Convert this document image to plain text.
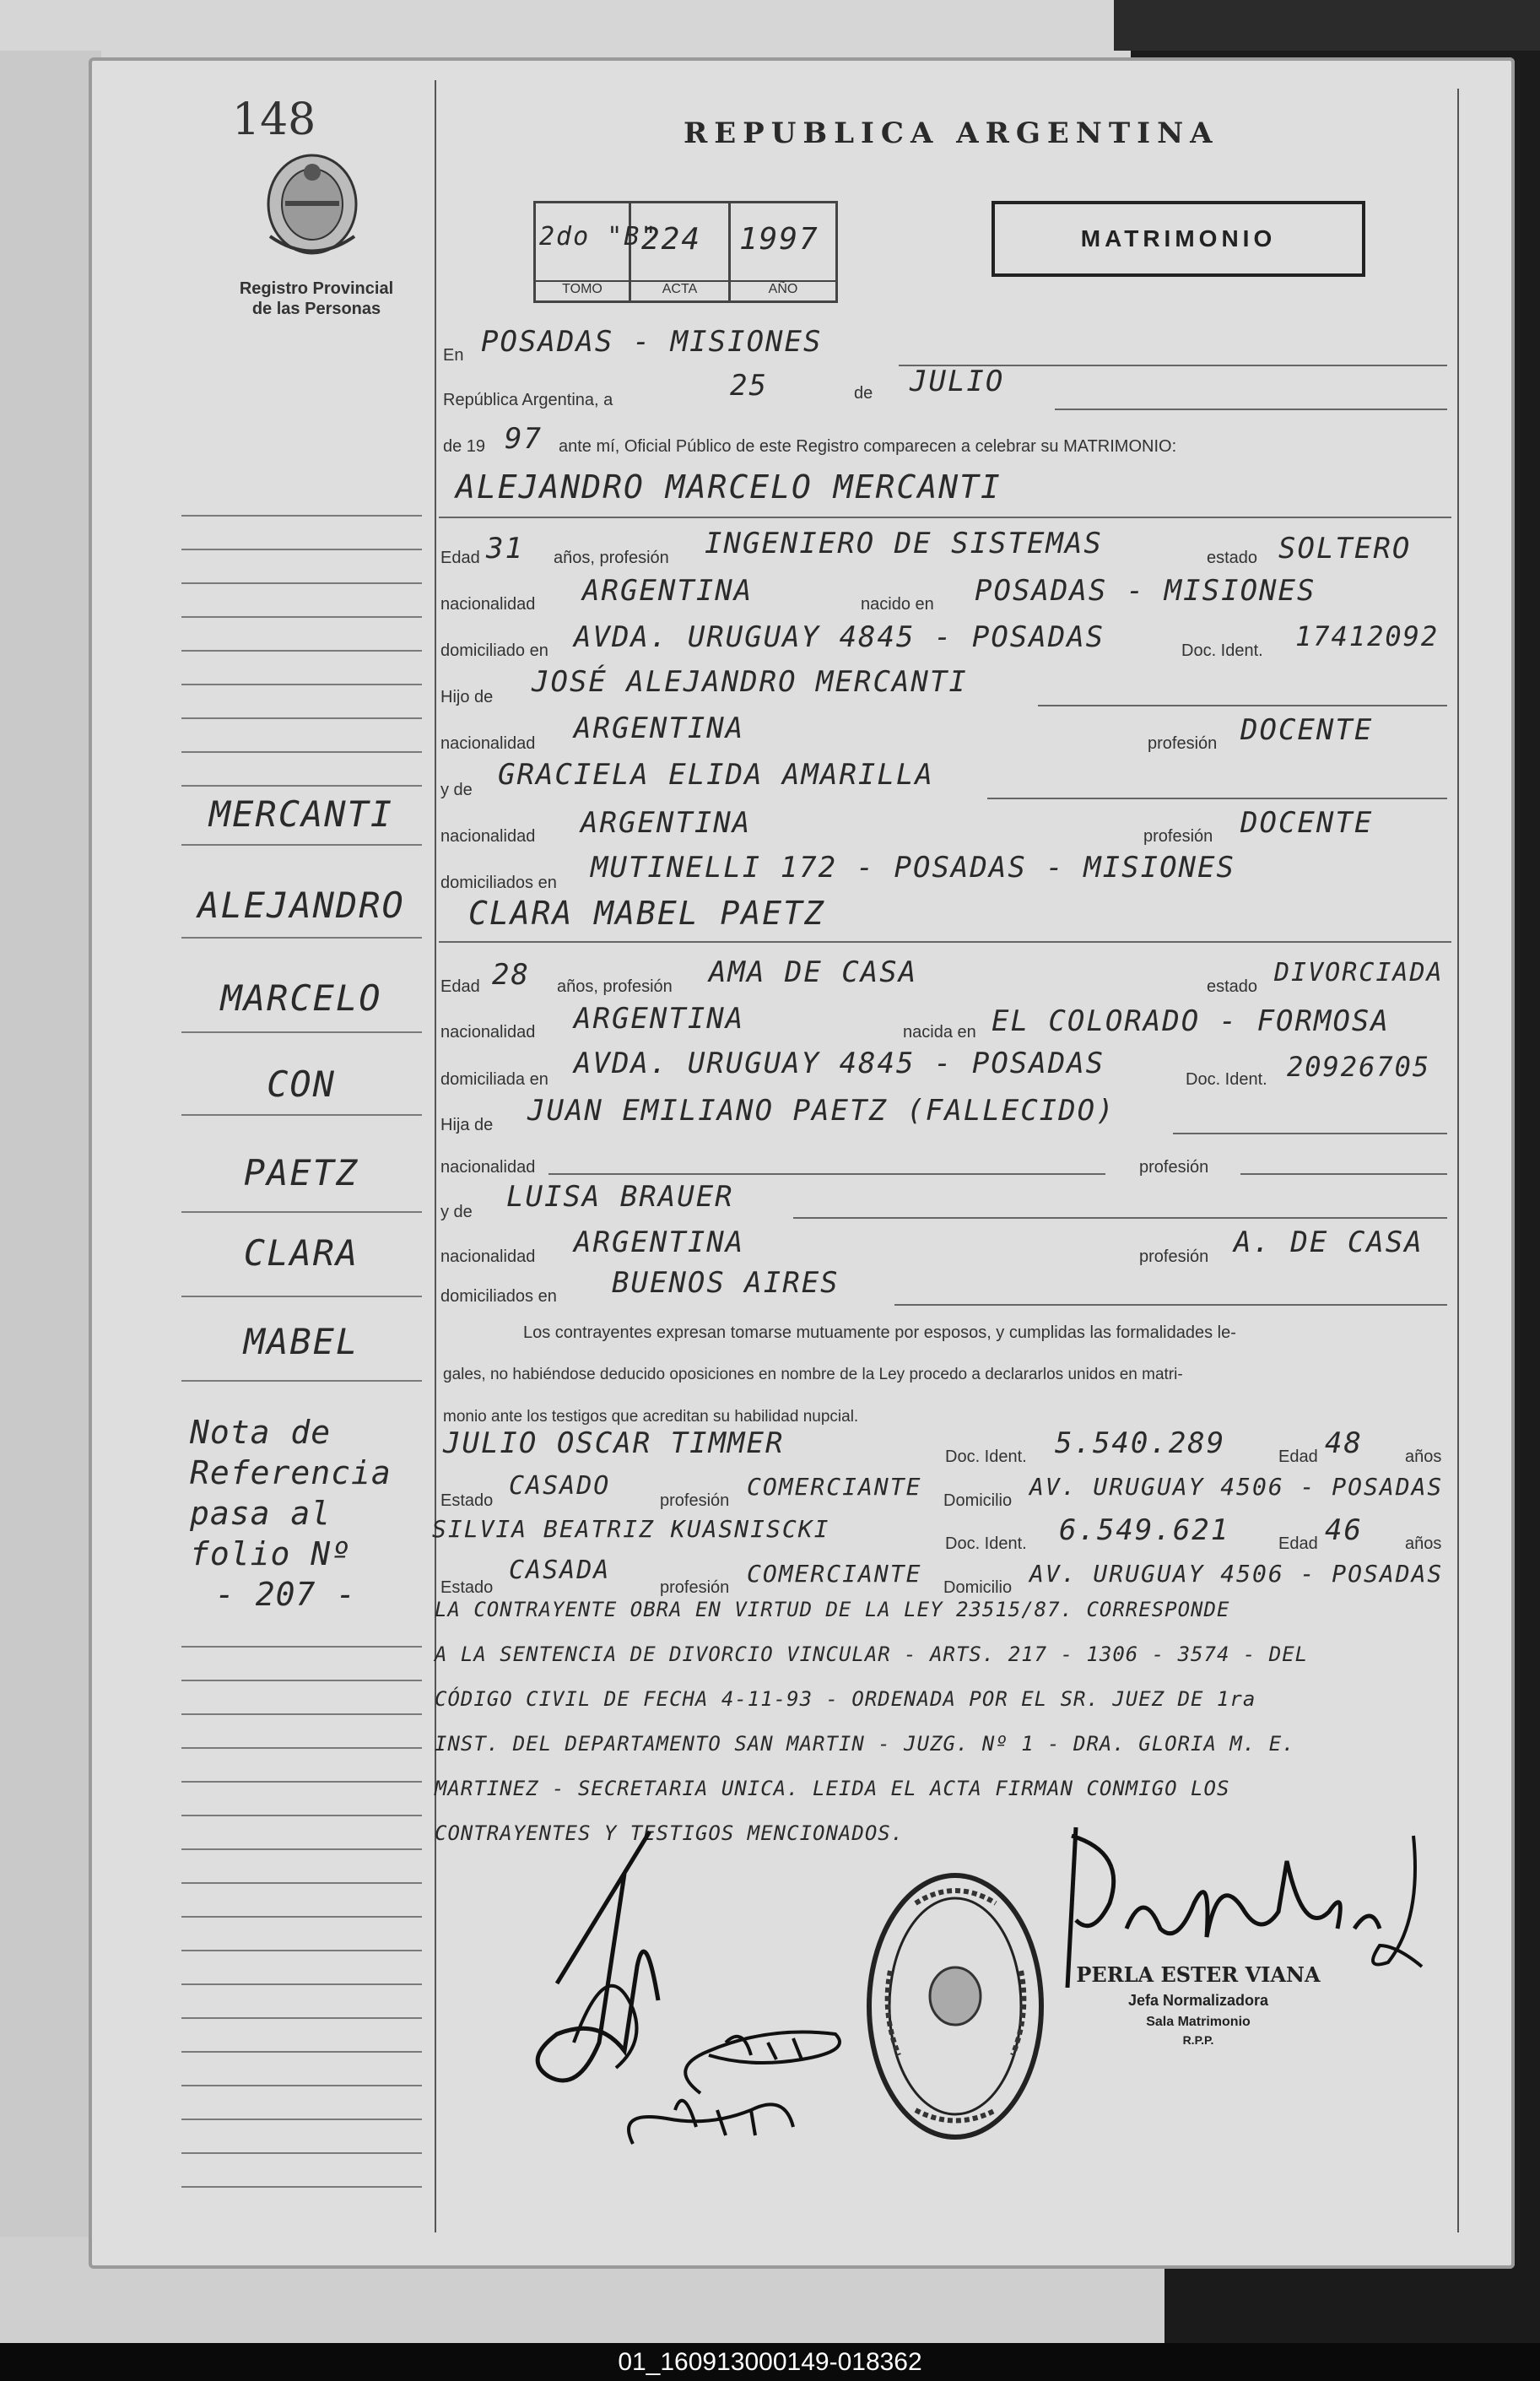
148
Registro Provincial
de las Personas
REPUBLICA ARGENTINA
MATRIMONIO
2do "B"
TOMO
224
ACTA
1997
AÑO
En POSADAS - MISIONES
República Argentina, a	25	de JULIO
de 19 97 ante mí, Oficial Público de este Registro comparecen a celebrar su MATRIMONIO:
ALEJANDRO MARCELO MERCANTI
Edad 31 años, profesión INGENIERO DE SISTEMAS	estado SOLTERO
nacionalidad ARGENTINA	nacido en POSADAS - MISIONES
domiciliado en AVDA. URUGUAY 4845 - POSADAS	Doc. Ident. 17412092
Hijo de JOSÉ ALEJANDRO MERCANTI
nacionalidad ARGENTINA	profesión DOCENTE
y de GRACIELA ELIDA AMARILLA
nacionalidad ARGENTINA	profesión DOCENTE
domiciliados en MUTINELLI 172 - POSADAS - MISIONES
CLARA MABEL PAETZ
Edad 28 años, profesión AMA DE CASA	estado DIVORCIADA
nacionalidad ARGENTINA	nacida en EL COLORADO - FORMOSA
domiciliada en AVDA. URUGUAY 4845 - POSADAS	Doc. Ident. 20926705
Hija de JUAN EMILIANO PAETZ (FALLECIDO)
nacionalidad	profesión
y de LUISA BRAUER
nacionalidad ARGENTINA	profesión A. DE CASA
domiciliados en BUENOS AIRES
Los contrayentes expresan tomarse mutuamente por esposos, y cumplidas las formalidades le-
gales, no habiéndose deducido oposiciones en nombre de la Ley procedo a declararlos unidos en matri-
monio ante los testigos que acreditan su habilidad nupcial.
JULIO OSCAR TIMMER	Doc. Ident. 5.540.289	Edad 48	años
Estado CASADO	profesión COMERCIANTE Domicilio AV. URUGUAY 4506 - POSADAS
SILVIA BEATRIZ KUASNISCKI
Doc. Ident. 6.549.621	Edad 46	años
Estado
CASADA
profesión COMERCIANTE Domicilio AV. URUGUAY 4506 - POSADAS
LA CONTRAYENTE OBRA EN VIRTUD DE LA LEY 23515/87. CORRESPONDE
A LA SENTENCIA DE DIVORCIO VINCULAR - ARTS. 217 - 1306 - 3574 - DEL
CÓDIGO CIVIL DE FECHA 4-11-93 - ORDENADA POR EL SR. JUEZ DE 1ra
INST. DEL DEPARTAMENTO SAN MARTIN - JUZG. Nº 1 - DRA. GLORIA M. E.
MARTINEZ - SECRETARIA UNICA. LEIDA EL ACTA FIRMAN CONMIGO LOS
CONTRAYENTES Y TESTIGOS MENCIONADOS.
PERLA ESTER VIANA
Jefa Normalizadora
Sala Matrimonio
R.P.P.
MERCANTI
ALEJANDRO
MARCELO
CON
PAETZ
CLARA
MABEL
Nota de
Referencia
pasa al
folio Nº
- 207 -
01_160913000149-018362
